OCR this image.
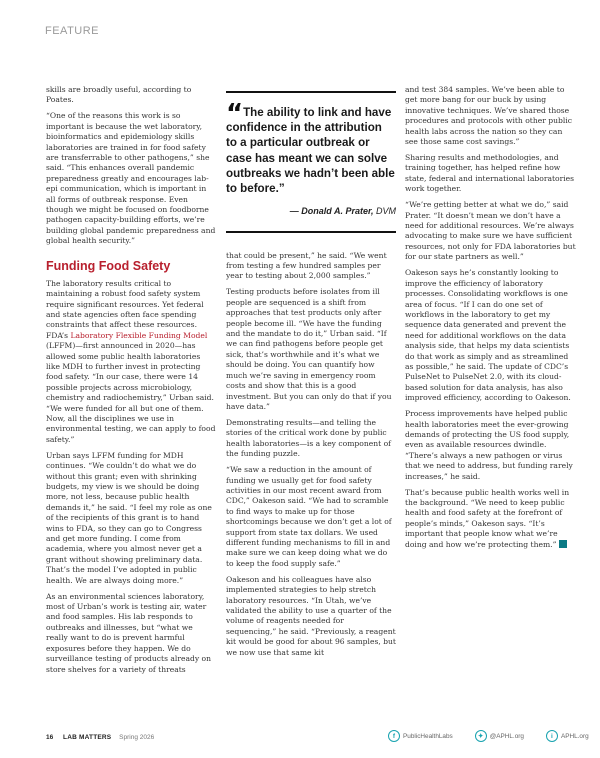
FEATURE

skills are broadly useful, according to Poates.

“One of the reasons this work is so important is because the wet laboratory, bioinformatics and epidemiology skills laboratories are trained in for food safety are transferrable to other pathogens,” she said. “This enhances overall pandemic preparedness greatly and encourages lab-epi communication, which is important in all forms of outbreak response. Even though we might be focused on foodborne pathogen capacity-building efforts, we’re building global pandemic preparedness and global health security.”

Funding Food Safety

The laboratory results critical to maintaining a robust food safety system require significant resources. Yet federal and state agencies often face spending constraints that affect these resources. FDA’s Laboratory Flexible Funding Model (LFFM)—first announced in 2020—has allowed some public health laboratories like MDH to further invest in protecting food safety. “In our case, there were 14 possible projects across microbiology, chemistry and radiochemistry,” Urban said. “We were funded for all but one of them. Now, all the disciplines we use in environmental testing, we can apply to food safety.”

Urban says LFFM funding for MDH continues. “We couldn’t do what we do without this grant; even with shrinking budgets, my view is we should be doing more, not less, because public health demands it,” he said. “I feel my role as one of the recipients of this grant is to hand wins to FDA, so they can go to Congress and get more funding. I come from academia, where you almost never get a grant without showing preliminary data. That’s the model I’ve adopted in public health. We are always doing more.”

As an environmental sciences laboratory, most of Urban’s work is testing air, water and food samples. His lab responds to outbreaks and illnesses, but “what we really want to do is prevent harmful exposures before they happen. We do surveillance testing of products already on store shelves for a variety of threats

“ The ability to link and have confidence in the attribution to a particular outbreak or case has meant we can solve outbreaks we hadn’t been able to before.”
— Donald A. Prater, DVM

that could be present,” he said. “We went from testing a few hundred samples per year to testing about 2,000 samples.”

Testing products before isolates from ill people are sequenced is a shift from approaches that test products only after people become ill. “We have the funding and the mandate to do it,” Urban said. “If we can find pathogens before people get sick, that’s worthwhile and it’s what we should be doing. You can quantify how much we’re saving in emergency room costs and show that this is a good investment. But you can only do that if you have data.”

Demonstrating results—and telling the stories of the critical work done by public health laboratories—is a key component of the funding puzzle.

“We saw a reduction in the amount of funding we usually get for food safety activities in our most recent award from CDC,” Oakeson said. “We had to scramble to find ways to make up for those shortcomings because we don’t get a lot of support from state tax dollars. We used different funding mechanisms to fill in and make sure we can keep doing what we do to keep the food supply safe.”

Oakeson and his colleagues have also implemented strategies to help stretch laboratory resources. “In Utah, we’ve validated the ability to use a quarter of the volume of reagents needed for sequencing,” he said. “Previously, a reagent kit would be good for about 96 samples, but we now use that same kit

and test 384 samples. We’ve been able to get more bang for our buck by using innovative techniques. We’ve shared those procedures and protocols with other public health labs across the nation so they can see those same cost savings.”

Sharing results and methodologies, and training together, has helped refine how state, federal and international laboratories work together.

“We’re getting better at what we do,” said Prater. “It doesn’t mean we don’t have a need for additional resources. We’re always advocating to make sure we have sufficient resources, not only for FDA laboratories but for our state partners as well.”

Oakeson says he’s constantly looking to improve the efficiency of laboratory processes. Consolidating workflows is one area of focus. “If I can do one set of workflows in the laboratory to get my sequence data generated and prevent the need for additional workflows on the data analysis side, that helps my data scientists do that work as simply and as streamlined as possible,” he said. The update of CDC’s PulseNet to PulseNet 2.0, with its cloud-based solution for data analysis, has also improved efficiency, according to Oakeson.

Process improvements have helped public health laboratories meet the ever-growing demands of protecting the US food supply, even as available resources dwindle. “There’s always a new pathogen or virus that we need to address, but funding rarely increases,” he said.

That’s because public health works well in the background. “We need to keep public health and food safety at the forefront of people’s minds,” Oakeson says. “It’s important that people know what we’re doing and how we’re protecting them.”

16 LAB MATTERS Spring 2026	f	PublicHealthLabs	✦ @APHL.org	i	APHL.org
